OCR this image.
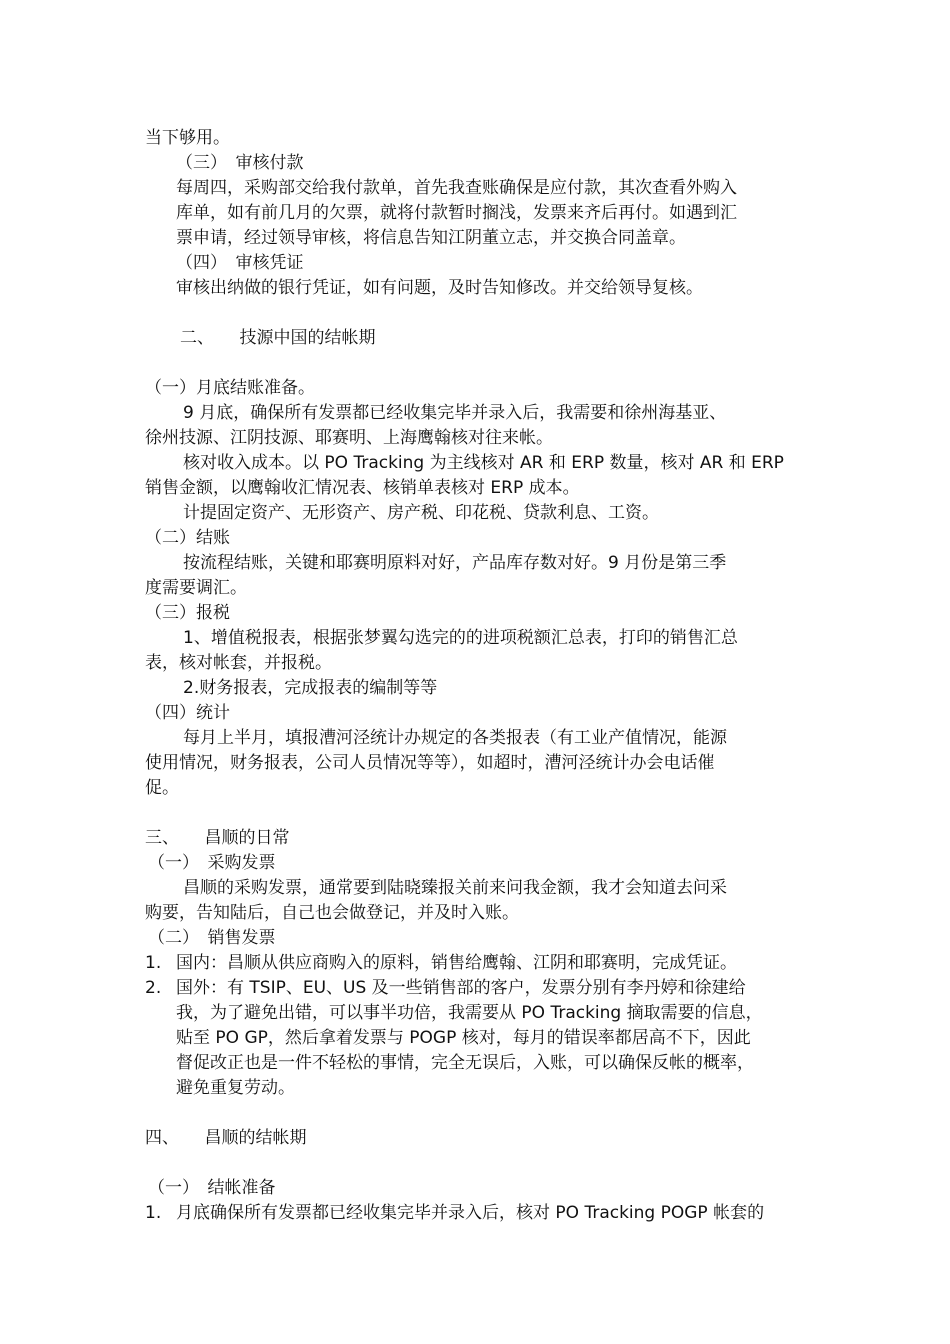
当下够用。
（三）　审核付款
每周四，采购部交给我付款单，首先我查账确保是应付款，其次查看外购入
库单，如有前几月的欠票，就将付款暂时搁浅，发票来齐后再付。如遇到汇
票申请，经过领导审核，将信息告知江阴董立志，并交换合同盖章。
（四）　审核凭证
审核出纳做的银行凭证，如有问题，及时告知修改。并交给领导复核。
二、　　技源中国的结帐期
（一）月底结账准备。
9 月底，确保所有发票都已经收集完毕并录入后，我需要和徐州海基亚、
徐州技源、江阴技源、耶赛明、上海鹰翰核对往来帐。
核对收入成本。以 PO Tracking 为主线核对 AR 和 ERP 数量，核对 AR 和 ERP
销售金额，以鹰翰收汇情况表、核销单表核对 ERP 成本。
计提固定资产、无形资产、房产税、印花税、贷款利息、工资。
（二）结账
按流程结账，关键和耶赛明原料对好，产品库存数对好。9 月份是第三季
度需要调汇。
（三）报税
1、增值税报表，根据张梦翼勾选完的的进项税额汇总表，打印的销售汇总
表，核对帐套，并报税。
2.财务报表，完成报表的编制等等
（四）统计
每月上半月，填报漕河泾统计办规定的各类报表（有工业产值情况，能源
使用情况，财务报表，公司人员情况等等），如超时，漕河泾统计办会电话催
促。
三、　　昌顺的日常
（一）　采购发票
昌顺的采购发票，通常要到陆晓臻报关前来问我金额，我才会知道去问采
购要，告知陆后，自己也会做登记，并及时入账。
（二）　销售发票
1. 国内：昌顺从供应商购入的原料，销售给鹰翰、江阴和耶赛明，完成凭证。
2. 国外：有 TSIP、EU、US 及一些销售部的客户，发票分别有李丹婷和徐建给
我，为了避免出错，可以事半功倍，我需要从 PO Tracking 摘取需要的信息，
贴至 PO GP，然后拿着发票与 POGP 核对，每月的错误率都居高不下，因此
督促改正也是一件不轻松的事情，完全无误后，入账，可以确保反帐的概率，
避免重复劳动。
四、　　昌顺的结帐期
（一）　结帐准备
1. 月底确保所有发票都已经收集完毕并录入后，核对 PO Tracking POGP 帐套的
